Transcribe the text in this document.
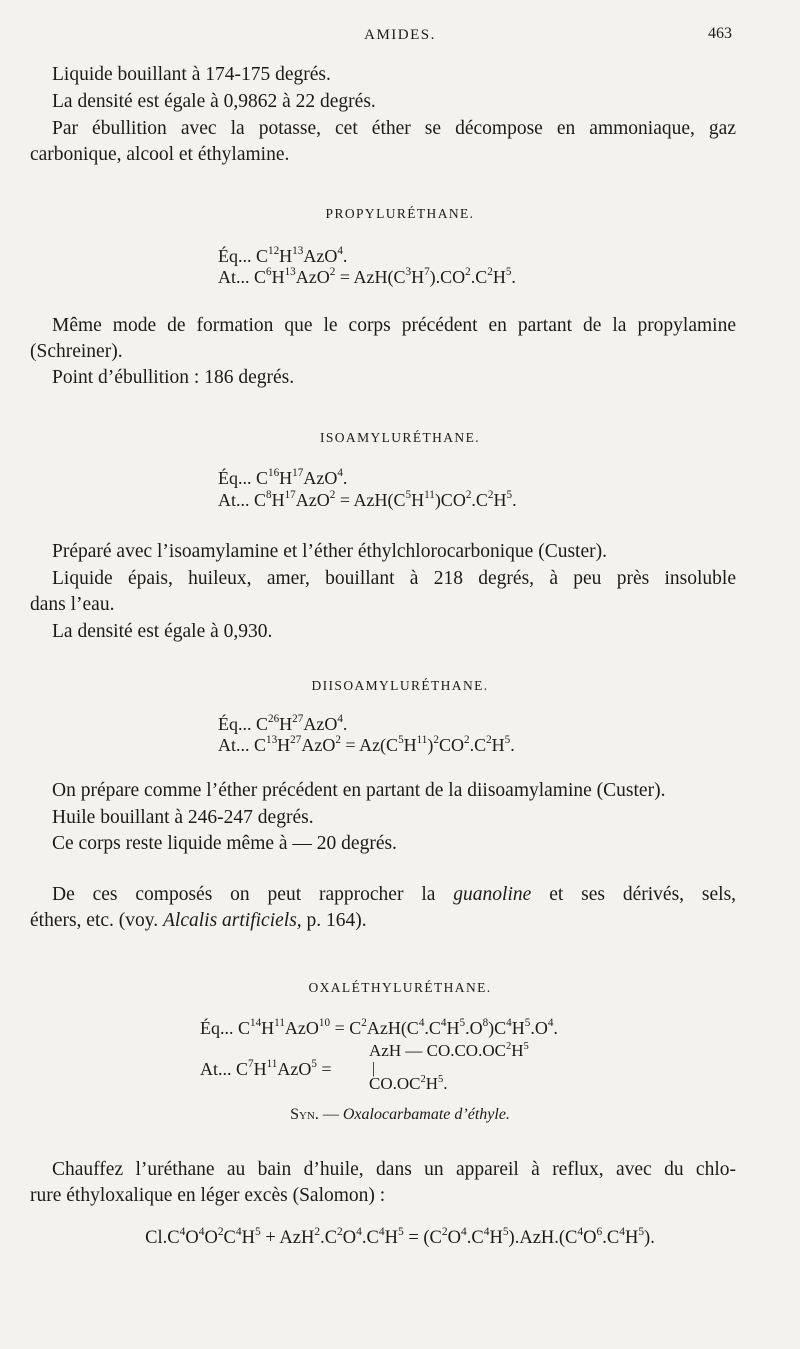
AMIDES.	463
Liquide bouillant à 174-175 degrés.
La densité est égale à 0,9862 à 22 degrés.
Par ébullition avec la potasse, cet éther se décompose en ammoniaque, gaz
carbonique, alcool et éthylamine.
PROPYLURÉTHANE.
Éq... $C^{12}H^{13}AzO^4$.
At... $C^6H^{13}AzO^2 = AzH(C^3H^7).CO^2.C^2H^5$.
Même mode de formation que le corps précédent en partant de la propylamine
(Schreiner).
Point d’ébullition : 186 degrés.
ISOAMYLURÉTHANE.
Éq... $C^{16}H^{17}AzO^4$.
At... $C^8H^{17}AzO^2 = AzH(C^5H^{11})CO^2.C^2H^5$.
Préparé avec l’isoamylamine et l’éther éthylchlorocarbonique (Custer).
Liquide épais, huileux, amer, bouillant à 218 degrés, à peu près insoluble
dans l’eau.
La densité est égale à 0,930.
DIISOAMYLURÉTHANE.
Éq... $C^{26}H^{27}AzO^4$.
At... $C^{13}H^{27}AzO^2 = Az(C^5H^{11})^2CO^2.C^2H^5$.
On prépare comme l’éther précédent en partant de la diisoamylamine (Custer).
Huile bouillant à 246-247 degrés.
Ce corps reste liquide même à — 20 degrés.
De ces composés on peut rapprocher la guanoline et ses dérivés, sels,
éthers, etc. (voy. Alcalis artificiels, p. 164).
OXALÉTHYLURÉTHANE.
Éq... $C^{14}H^{11}AzO^{10} = C^2AzH(C^4.C^4H^5.O^8)C^4H^5.O^4$.
AzH — $CO.CO.OC^2H^5$
At... $C^7H^{11}AzO^5$ =	|
$CO.OC^2H^5$.
Syn. — Oxalocarbamate d’éthyle.
Chauffez l’uréthane au bain d’huile, dans un appareil à reflux, avec du chlo-
rure éthyloxalique en léger excès (Salomon) :
$Cl.C^4O^4O^2C^4H^5 + AzH^2.C^2O^4.C^4H^5 = (C^2O^4.C^4H^5).AzH.(C^4O^6.C^4H^5)$.
